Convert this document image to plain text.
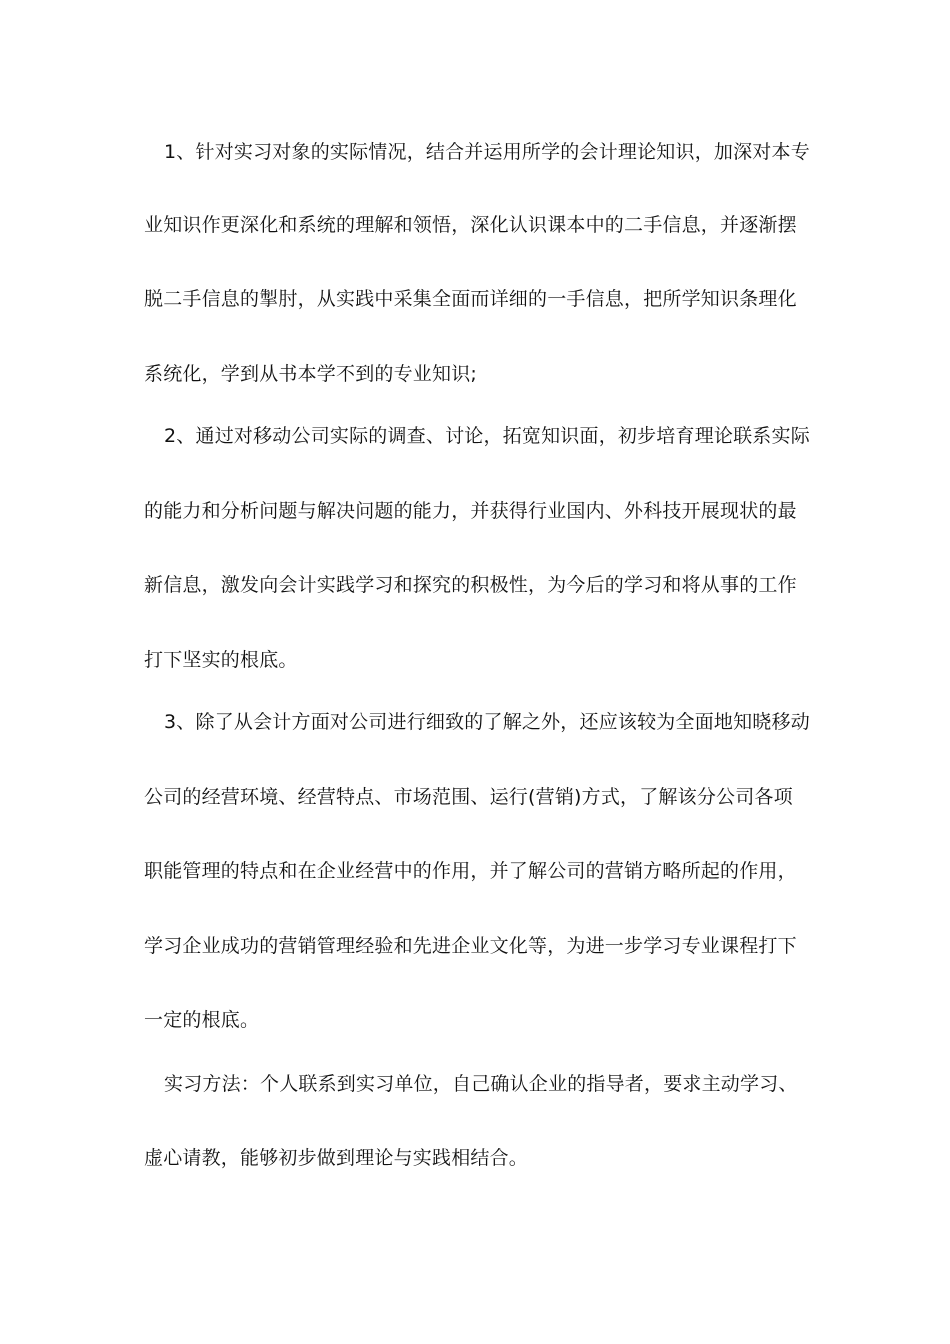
1、针对实习对象的实际情况，结合并运用所学的会计理论知识，加深对本专
业知识作更深化和系统的理解和领悟，深化认识课本中的二手信息，并逐渐摆
脱二手信息的掣肘，从实践中采集全面而详细的一手信息，把所学知识条理化
系统化，学到从书本学不到的专业知识;
2、通过对移动公司实际的调查、讨论，拓宽知识面，初步培育理论联系实际
的能力和分析问题与解决问题的能力，并获得行业国内、外科技开展现状的最
新信息，激发向会计实践学习和探究的积极性，为今后的学习和将从事的工作
打下坚实的根底。
3、除了从会计方面对公司进行细致的了解之外，还应该较为全面地知晓移动
公司的经营环境、经营特点、市场范围、运行(营销)方式，了解该分公司各项
职能管理的特点和在企业经营中的作用，并了解公司的营销方略所起的作用，
学习企业成功的营销管理经验和先进企业文化等，为进一步学习专业课程打下
一定的根底。
实习方法：个人联系到实习单位，自己确认企业的指导者，要求主动学习、
虚心请教，能够初步做到理论与实践相结合。
